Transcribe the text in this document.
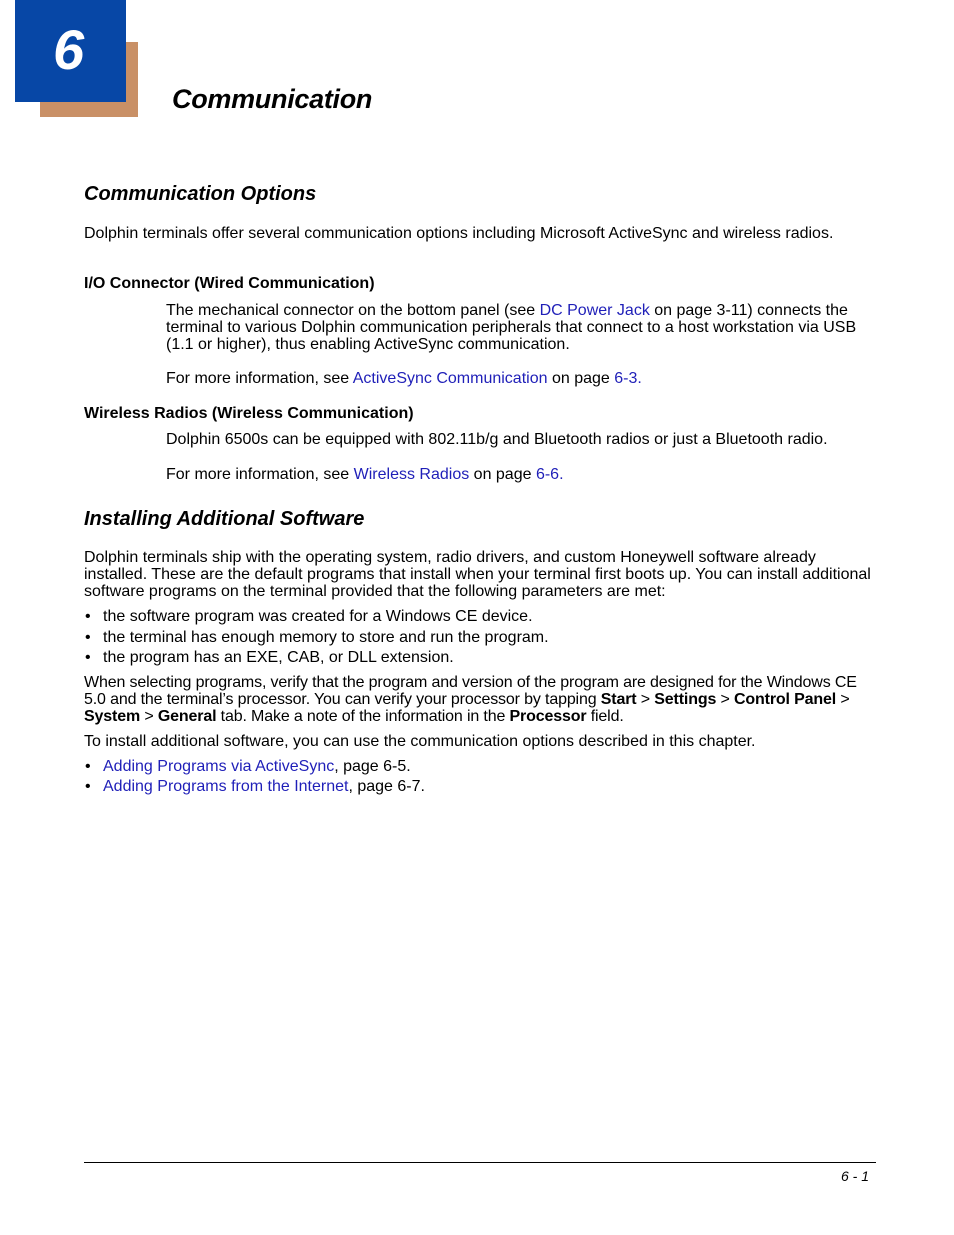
6
Communication
Communication Options

Dolphin terminals offer several communication options including Microsoft ActiveSync and wireless radios.

I/O Connector (Wired Communication)

The mechanical connector on the bottom panel (see DC Power Jack on page 3-11) connects the terminal to various Dolphin communication peripherals that connect to a host workstation via USB (1.1 or higher), thus enabling ActiveSync communication.

For more information, see ActiveSync Communication on page 6-3.

Wireless Radios (Wireless Communication)

Dolphin 6500s can be equipped with 802.11b/g and Bluetooth radios or just a Bluetooth radio.

For more information, see Wireless Radios on page 6-6.

Installing Additional Software

Dolphin terminals ship with the operating system, radio drivers, and custom Honeywell software already installed. These are the default programs that install when your terminal first boots up. You can install additional software programs on the terminal provided that the following parameters are met:

• the software program was created for a Windows CE device.
• the terminal has enough memory to store and run the program.
• the program has an EXE, CAB, or DLL extension.

When selecting programs, verify that the program and version of the program are designed for the Windows CE 5.0 and the terminal’s processor. You can verify your processor by tapping Start > Settings > Control Panel > System > General tab. Make a note of the information in the Processor field.

To install additional software, you can use the communication options described in this chapter.

• Adding Programs via ActiveSync, page 6-5.
• Adding Programs from the Internet, page 6-7.
6 - 1
